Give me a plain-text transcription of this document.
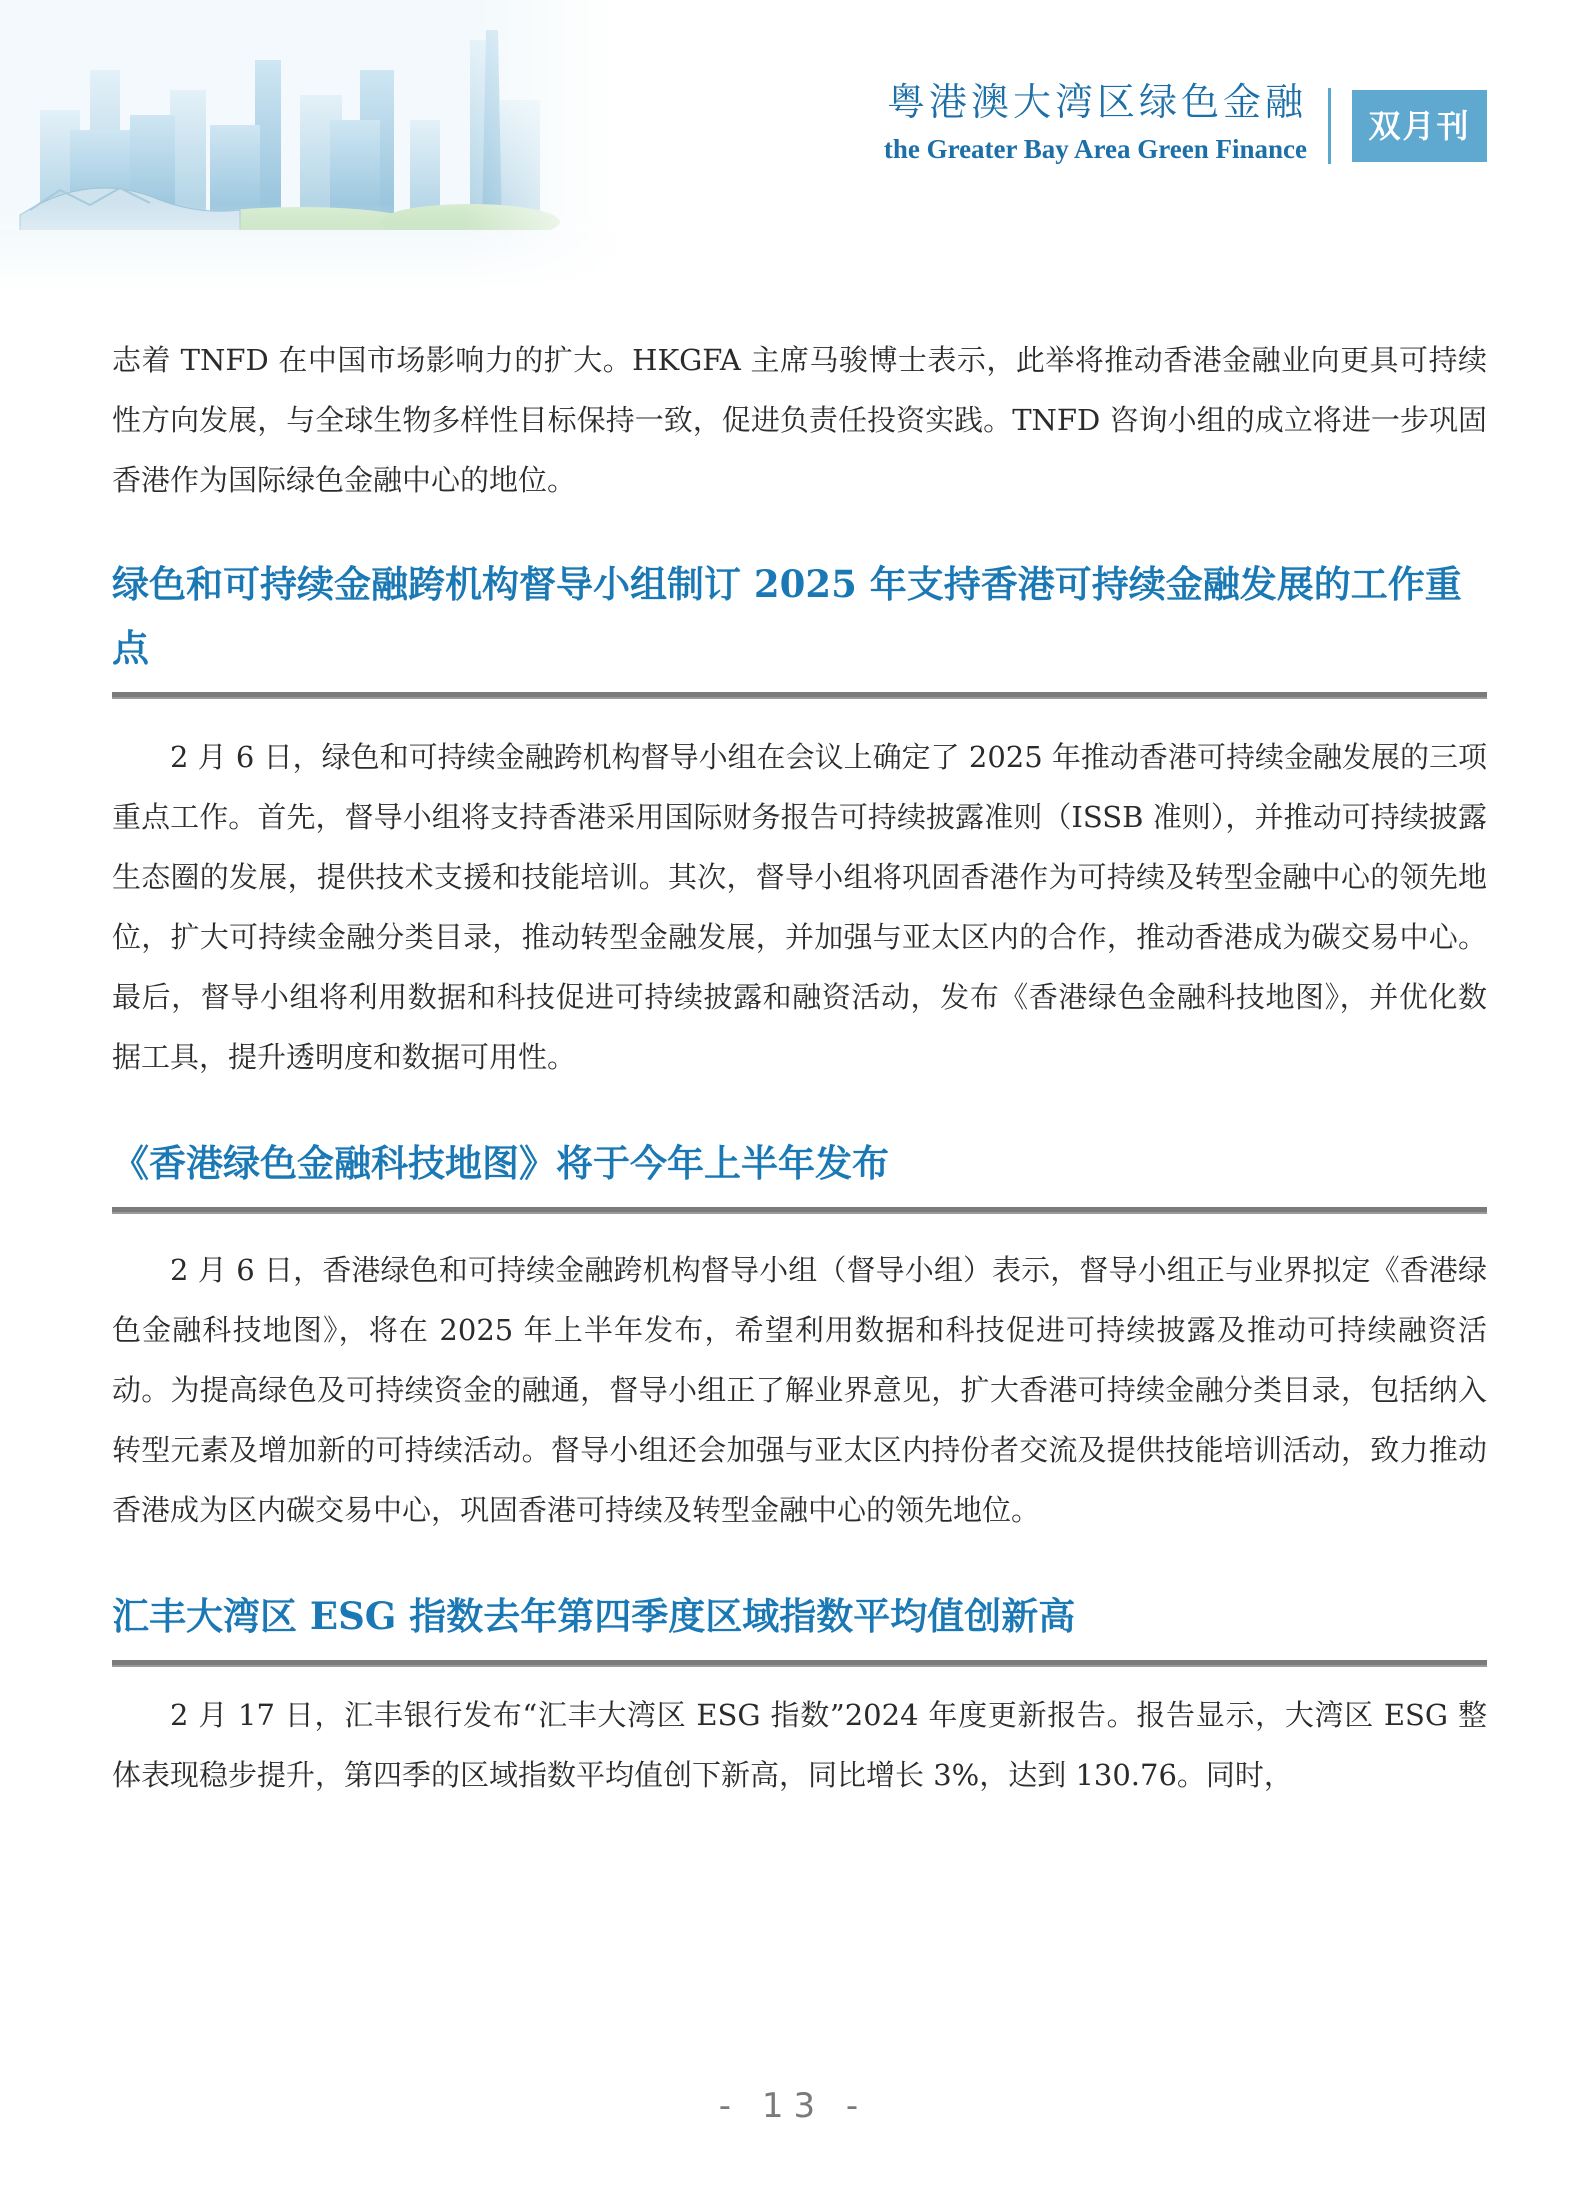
粤港澳大湾区绿色金融
the Greater Bay Area Green Finance
双月刊

志着 TNFD 在中国市场影响力的扩大。HKGFA 主席马骏博士表示，此举将推动香港金融业向更具可持续性方向发展，与全球生物多样性目标保持一致，促进负责任投资实践。TNFD 咨询小组的成立将进一步巩固香港作为国际绿色金融中心的地位。

绿色和可持续金融跨机构督导小组制订 2025 年支持香港可持续金融发展的工作重点

2 月 6 日，绿色和可持续金融跨机构督导小组在会议上确定了 2025 年推动香港可持续金融发展的三项重点工作。首先，督导小组将支持香港采用国际财务报告可持续披露准则（ISSB 准则），并推动可持续披露生态圈的发展，提供技术支援和技能培训。其次，督导小组将巩固香港作为可持续及转型金融中心的领先地位，扩大可持续金融分类目录，推动转型金融发展，并加强与亚太区内的合作，推动香港成为碳交易中心。最后，督导小组将利用数据和科技促进可持续披露和融资活动，发布《香港绿色金融科技地图》，并优化数据工具，提升透明度和数据可用性。

《香港绿色金融科技地图》将于今年上半年发布

2 月 6 日，香港绿色和可持续金融跨机构督导小组（督导小组）表示，督导小组正与业界拟定《香港绿色金融科技地图》，将在 2025 年上半年发布，希望利用数据和科技促进可持续披露及推动可持续融资活动。为提高绿色及可持续资金的融通，督导小组正了解业界意见，扩大香港可持续金融分类目录，包括纳入转型元素及增加新的可持续活动。督导小组还会加强与亚太区内持份者交流及提供技能培训活动，致力推动香港成为区内碳交易中心，巩固香港可持续及转型金融中心的领先地位。

汇丰大湾区 ESG 指数去年第四季度区域指数平均值创新高

2 月 17 日，汇丰银行发布“汇丰大湾区 ESG 指数”2024 年度更新报告。报告显示，大湾区 ESG 整体表现稳步提升，第四季的区域指数平均值创下新高，同比增长 3%，达到 130.76。同时，

- 13 -
